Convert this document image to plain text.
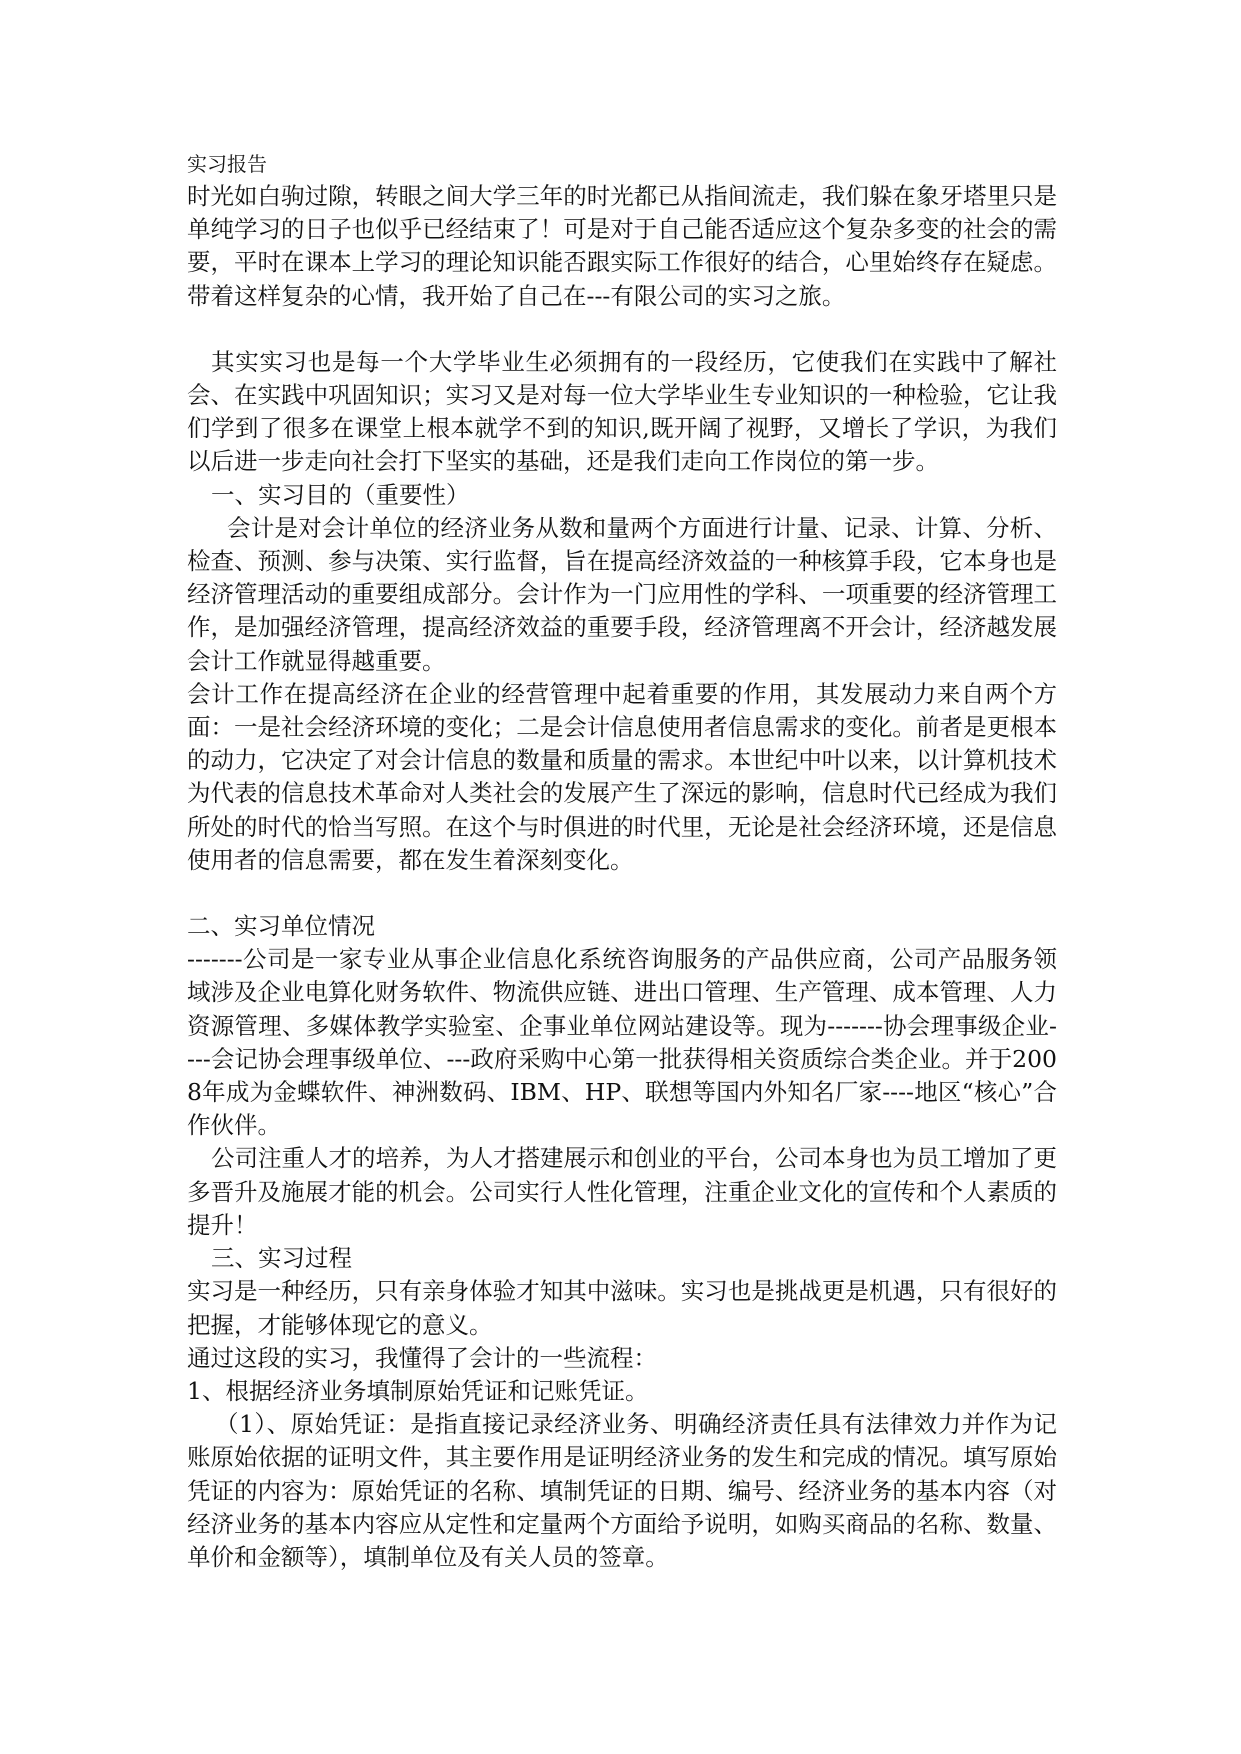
实习报告

时光如白驹过隙，转眼之间大学三年的时光都已从指间流走，我们躲在象牙塔里只是单纯学习的日子也似乎已经结束了！可是对于自己能否适应这个复杂多变的社会的需要，平时在课本上学习的理论知识能否跟实际工作很好的结合，心里始终存在疑虑。带着这样复杂的心情，我开始了自己在---有限公司的实习之旅。

其实实习也是每一个大学毕业生必须拥有的一段经历，它使我们在实践中了解社会、在实践中巩固知识；实习又是对每一位大学毕业生专业知识的一种检验，它让我们学到了很多在课堂上根本就学不到的知识,既开阔了视野，又增长了学识，为我们以后进一步走向社会打下坚实的基础，还是我们走向工作岗位的第一步。

一、实习目的（重要性）

会计是对会计单位的经济业务从数和量两个方面进行计量、记录、计算、分析、检查、预测、参与决策、实行监督，旨在提高经济效益的一种核算手段，它本身也是经济管理活动的重要组成部分。会计作为一门应用性的学科、一项重要的经济管理工作，是加强经济管理，提高经济效益的重要手段，经济管理离不开会计，经济越发展会计工作就显得越重要。

会计工作在提高经济在企业的经营管理中起着重要的作用，其发展动力来自两个方面：一是社会经济环境的变化；二是会计信息使用者信息需求的变化。前者是更根本的动力，它决定了对会计信息的数量和质量的需求。本世纪中叶以来，以计算机技术为代表的信息技术革命对人类社会的发展产生了深远的影响，信息时代已经成为我们所处的时代的恰当写照。在这个与时俱进的时代里，无论是社会经济环境，还是信息使用者的信息需要，都在发生着深刻变化。

二、实习单位情况

-------公司是一家专业从事企业信息化系统咨询服务的产品供应商，公司产品服务领域涉及企业电算化财务软件、物流供应链、进出口管理、生产管理、成本管理、人力资源管理、多媒体教学实验室、企事业单位网站建设等。现为-------协会理事级企业----会记协会理事级单位、---政府采购中心第一批获得相关资质综合类企业。并于2008年成为金蝶软件、神洲数码、IBM、HP、联想等国内外知名厂家----地区“核心”合作伙伴。

公司注重人才的培养，为人才搭建展示和创业的平台，公司本身也为员工增加了更多晋升及施展才能的机会。公司实行人性化管理，注重企业文化的宣传和个人素质的提升！

三、实习过程

实习是一种经历，只有亲身体验才知其中滋味。实习也是挑战更是机遇，只有很好的把握，才能够体现它的意义。

通过这段的实习，我懂得了会计的一些流程：

1、根据经济业务填制原始凭证和记账凭证。

（1）、原始凭证：是指直接记录经济业务、明确经济责任具有法律效力并作为记账原始依据的证明文件，其主要作用是证明经济业务的发生和完成的情况。填写原始凭证的内容为：原始凭证的名称、填制凭证的日期、编号、经济业务的基本内容（对经济业务的基本内容应从定性和定量两个方面给予说明，如购买商品的名称、数量、单价和金额等），填制单位及有关人员的签章。
